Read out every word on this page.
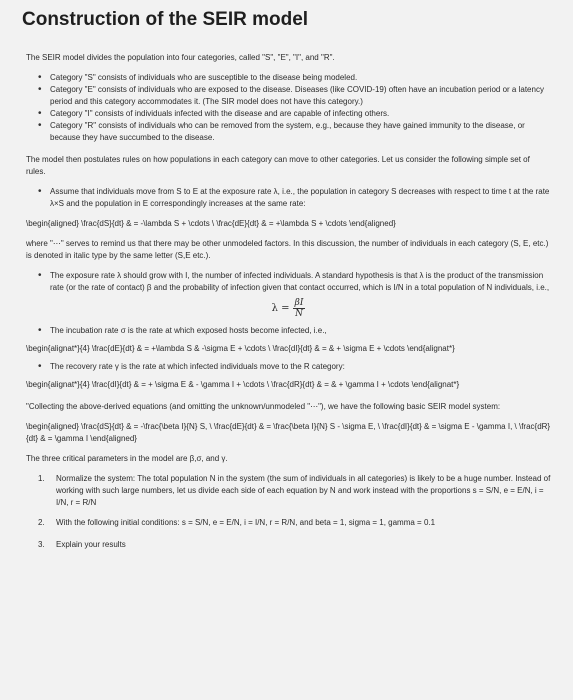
Construction of the SEIR model

The SEIR model divides the population into four categories, called "S", "E", "I", and "R".

• Category "S" consists of individuals who are susceptible to the disease being modeled.
• Category "E" consists of individuals who are exposed to the disease. Diseases (like COVID-19) often have an incubation period or a latency period and this category accommodates it. (The SIR model does not have this category.)
• Category "I" consists of individuals infected with the disease and are capable of infecting others.
• Category "R" consists of individuals who can be removed from the system, e.g., because they have gained immunity to the disease, or because they have succumbed to the disease.

The model then postulates rules on how populations in each category can move to other categories. Let us consider the following simple set of rules.

• Assume that individuals move from S to E at the exposure rate λ, i.e., the population in category S decreases with respect to time t at the rate λ×S and the population in E correspondingly increases at the same rate:

\begin{aligned} \frac{dS}{dt} & = -\lambda S + \cdots \ \frac{dE}{dt} & = +\lambda S + \cdots \end{aligned}

where "⋯" serves to remind us that there may be other unmodeled factors. In this discussion, the number of individuals in each category (S, E, etc.) is denoted in italic type by the same letter (S,E etc.).

• The exposure rate λ should grow with I, the number of infected individuals. A standard hypothesis is that λ is the product of the transmission rate (or the rate of contact) β and the probability of infection given that contact occurred, which is I/N in a total population of N individuals, i.e.,
$\lambda = \frac{\beta I}{N}$
• The incubation rate σ is the rate at which exposed hosts become infected, i.e.,

\begin{alignat*}{4} \frac{dE}{dt} & = +\lambda S & -\sigma E + \cdots \ \frac{dI}{dt} & = & + \sigma E + \cdots \end{alignat*}

• The recovery rate γ is the rate at which infected individuals move to the R category:

\begin{alignat*}{4} \frac{dI}{dt} & = + \sigma E & - \gamma I + \cdots \ \frac{dR}{dt} & = & + \gamma I + \cdots \end{alignat*}

"Collecting the above-derived equations (and omitting the unknown/unmodeled "⋯"), we have the following basic SEIR model system:

\begin{aligned} \frac{dS}{dt} & = -\frac{\beta I}{N} S, \ \frac{dE}{dt} & = \frac{\beta I}{N} S - \sigma E, \ \frac{dI}{dt} & = \sigma E - \gamma I, \ \frac{dR}{dt} & = \gamma I \end{aligned}

The three critical parameters in the model are β,σ, and γ.

1. Normalize the system: The total population N in the system (the sum of individuals in all categories) is likely to be a huge number. Instead of working with such large numbers, let us divide each side of each equation by N and work instead with the proportions s = S/N, e = E/N, i = I/N, r = R/N
2. With the following initial conditions: s = S/N, e = E/N, i = I/N, r = R/N, and beta = 1, sigma = 1, gamma = 0.1
3. Explain your results
